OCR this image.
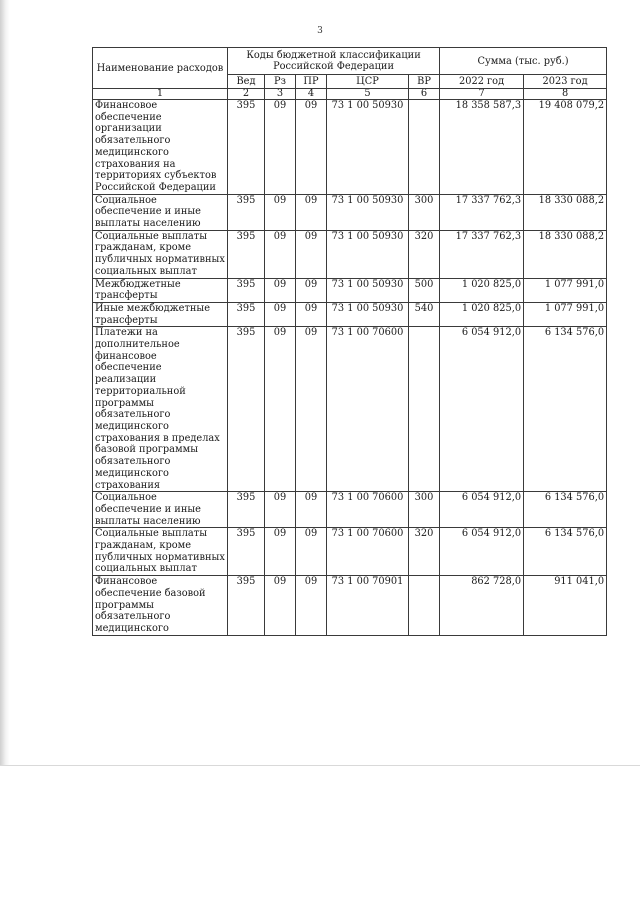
3
Наименование расходов	Коды бюджетной классификации Российской Федерации					Сумма (тыс. руб.)	
	Вед	Рз	ПР	ЦСР	ВР	2022 год	2023 год
1	2	3	4	5	6	7	8
Финансовое обеспечение организации обязательного медицинского страхования на территориях субъектов Российской Федерации	395	09	09	73 1 00 50930		18 358 587,3	19 408 079,2
Социальное обеспечение и иные выплаты населению	395	09	09	73 1 00 50930	300	17 337 762,3	18 330 088,2
Социальные выплаты гражданам, кроме публичных нормативных социальных выплат	395	09	09	73 1 00 50930	320	17 337 762,3	18 330 088,2
Межбюджетные трансферты	395	09	09	73 1 00 50930	500	1 020 825,0	1 077 991,0
Иные межбюджетные трансферты	395	09	09	73 1 00 50930	540	1 020 825,0	1 077 991,0
Платежи на дополнительное финансовое обеспечение реализации территориальной программы обязательного медицинского страхования в пределах базовой программы обязательного медицинского страхования	395	09	09	73 1 00 70600		6 054 912,0	6 134 576,0
Социальное обеспечение и иные выплаты населению	395	09	09	73 1 00 70600	300	6 054 912,0	6 134 576,0
Социальные выплаты гражданам, кроме публичных нормативных социальных выплат	395	09	09	73 1 00 70600	320	6 054 912,0	6 134 576,0
Финансовое обеспечение базовой программы обязательного медицинского	395	09	09	73 1 00 70901		862 728,0	911 041,0
